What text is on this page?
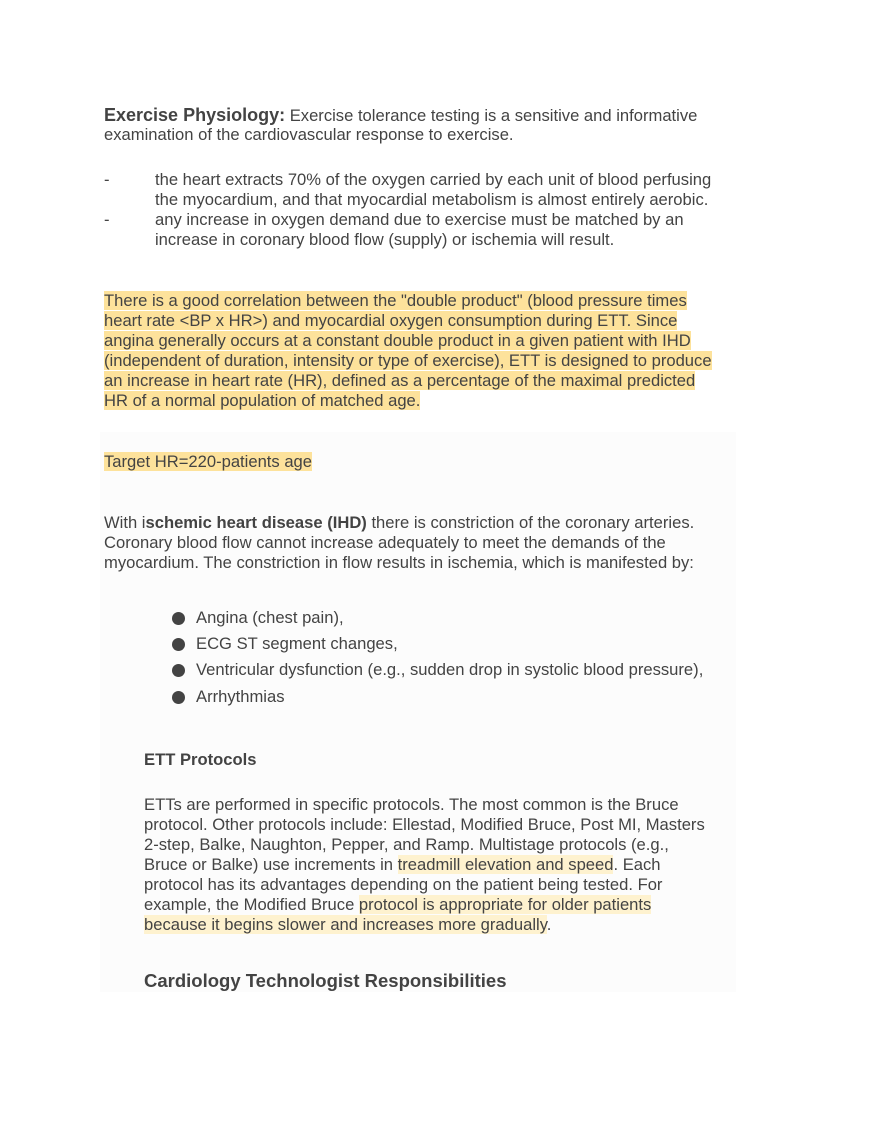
Exercise Physiology: Exercise tolerance testing is a sensitive and informative
examination of the cardiovascular response to exercise.
-	the heart extracts 70% of the oxygen carried by each unit of blood perfusing
the myocardium, and that myocardial metabolism is almost entirely aerobic.
-	any increase in oxygen demand due to exercise must be matched by an
increase in coronary blood flow (supply) or ischemia will result.
There is a good correlation between the "double product" (blood pressure times
heart rate <BP x HR>) and myocardial oxygen consumption during ETT. Since
angina generally occurs at a constant double product in a given patient with IHD
(independent of duration, intensity or type of exercise), ETT is designed to produce
an increase in heart rate (HR), defined as a percentage of the maximal predicted
HR of a normal population of matched age.
Target HR=220-patients age
With ischemic heart disease (IHD) there is constriction of the coronary arteries.
Coronary blood flow cannot increase adequately to meet the demands of the
myocardium. The constriction in flow results in ischemia, which is manifested by:
Angina (chest pain),
ECG ST segment changes,
Ventricular dysfunction (e.g., sudden drop in systolic blood pressure),
Arrhythmias
ETT Protocols
ETTs are performed in specific protocols. The most common is the Bruce
protocol. Other protocols include: Ellestad, Modified Bruce, Post MI, Masters
2-step, Balke, Naughton, Pepper, and Ramp. Multistage protocols (e.g.,
Bruce or Balke) use increments in treadmill elevation and speed. Each
protocol has its advantages depending on the patient being tested. For
example, the Modified Bruce protocol is appropriate for older patients
because it begins slower and increases more gradually.
Cardiology Technologist Responsibilities
